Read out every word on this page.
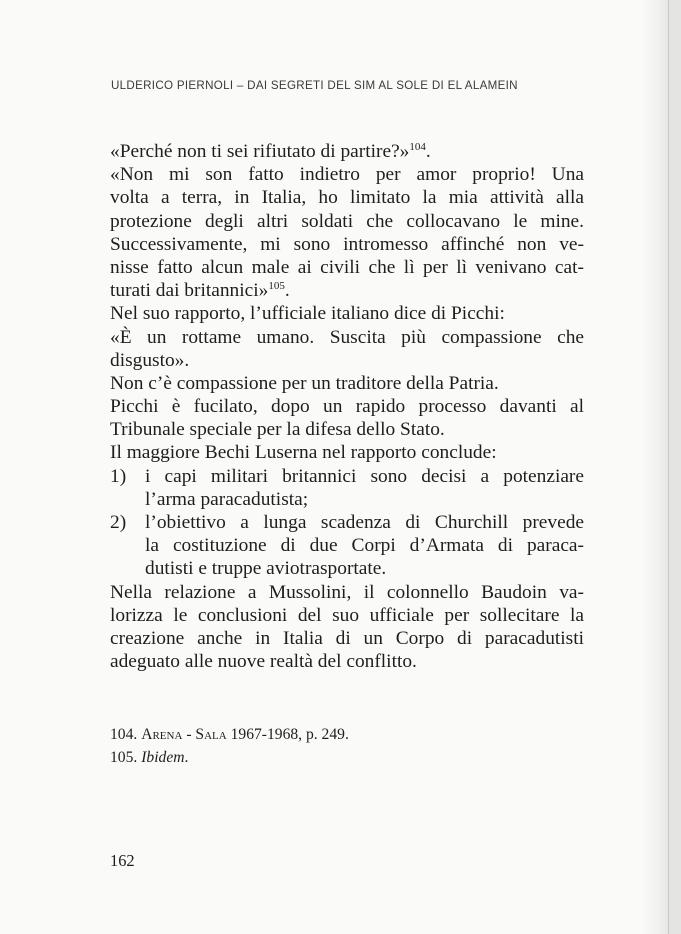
ULDERICO PIERNOLI – DAI SEGRETI DEL SIM AL SOLE DI EL ALAMEIN
«Perché non ti sei rifiutato di partire?»$^{104}$.
«Non mi son fatto indietro per amor proprio! Una
volta a terra, in Italia, ho limitato la mia attività alla
protezione degli altri soldati che collocavano le mine.
Successivamente, mi sono intromesso affinché non ve-
nisse fatto alcun male ai civili che lì per lì venivano cat-
turati dai britannici»$^{105}$.
Nel suo rapporto, l’ufficiale italiano dice di Picchi:
«È un rottame umano. Suscita più compassione che
disgusto».
Non c’è compassione per un traditore della Patria.
Picchi è fucilato, dopo un rapido processo davanti al
Tribunale speciale per la difesa dello Stato.
Il maggiore Bechi Luserna nel rapporto conclude:
1) i capi militari britannici sono decisi a potenziare
l’arma paracadutista;
2) l’obiettivo a lunga scadenza di Churchill prevede
la costituzione di due Corpi d’Armata di paraca-
dutisti e truppe aviotrasportate.
Nella relazione a Mussolini, il colonnello Baudoin va-
lorizza le conclusioni del suo ufficiale per sollecitare la
creazione anche in Italia di un Corpo di paracadutisti
adeguato alle nuove realtà del conflitto.
104. Arena - Sala 1967-1968, p. 249.
105. Ibidem.
162
